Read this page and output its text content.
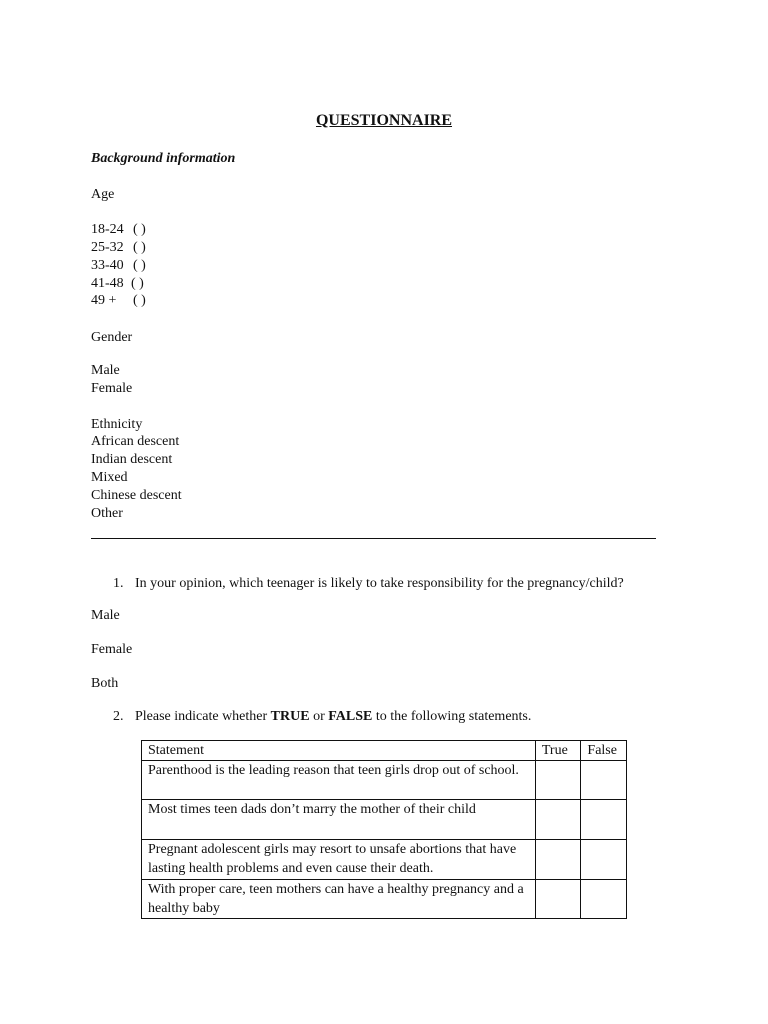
QUESTIONNAIRE
Background information
Age
18-24 ( )
25-32 ( )
33-40 ( )
41-48 ( )
49 + ( )
Gender
Male
Female
Ethnicity
African descent
Indian descent
Mixed
Chinese descent
Other
1. In your opinion, which teenager is likely to take responsibility for the pregnancy/child?
Male
Female
Both
2. Please indicate whether TRUE or FALSE to the following statements.
Statement	True	False
Parenthood is the leading reason that teen girls drop out of school.		
Most times teen dads don’t marry the mother of their child		
Pregnant adolescent girls may resort to unsafe abortions that have lasting health problems and even cause their death.		
With proper care, teen mothers can have a healthy pregnancy and a healthy baby		
